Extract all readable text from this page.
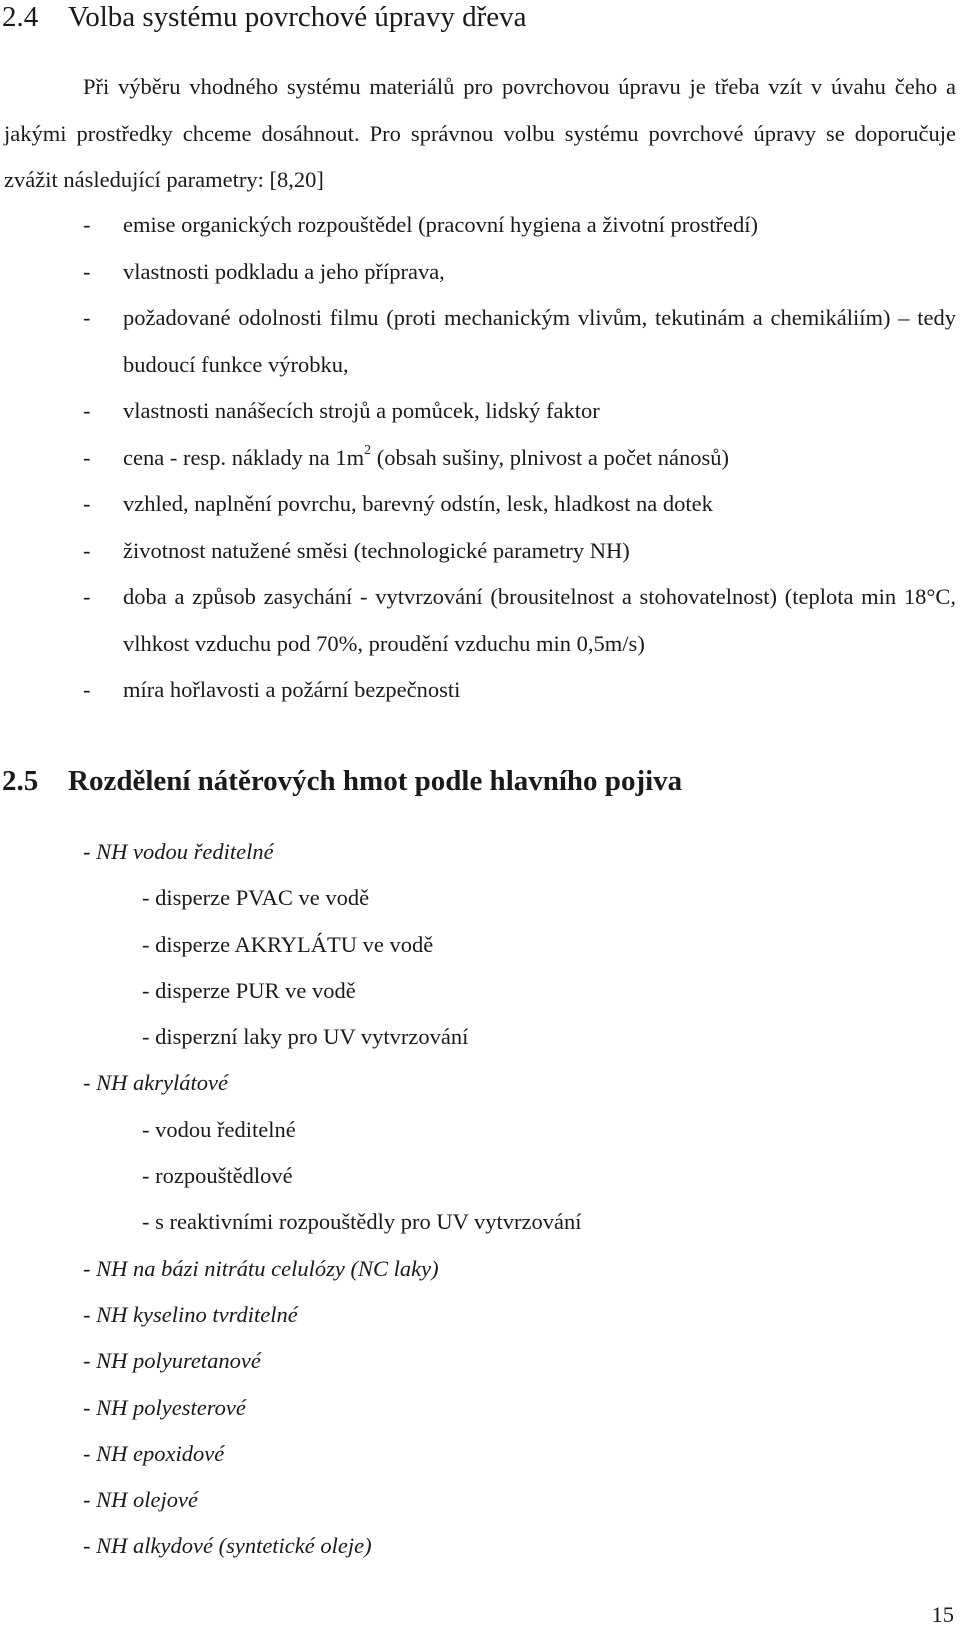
2.4 Volba systému povrchové úpravy dřeva

Při výběru vhodného systému materiálů pro povrchovou úpravu je třeba vzít v úvahu čeho a jakými prostředky chceme dosáhnout. Pro správnou volbu systému povrchové úpravy se doporučuje zvážit následující parametry: [8,20]

- emise organických rozpouštědel (pracovní hygiena a životní prostředí)
- vlastnosti podkladu a jeho příprava,
- požadované odolnosti filmu (proti mechanickým vlivům, tekutinám a chemikáliím) – tedy budoucí funkce výrobku,
- vlastnosti nanášecích strojů a pomůcek, lidský faktor
- cena - resp. náklady na $1m^2$ (obsah sušiny, plnivost a počet nánosů)
- vzhled, naplnění povrchu, barevný odstín, lesk, hladkost na dotek
- životnost natužené směsi (technologické parametry NH)
- doba a způsob zasychání - vytvrzování (brousitelnost a stohovatelnost) (teplota min 18°C, vlhkost vzduchu pod 70%, proudění vzduchu min 0,5m/s)
- míra hořlavosti a požární bezpečnosti
2.5 Rozdělení nátěrových hmot podle hlavního pojiva
- NH vodou ředitelné
- disperze PVAC ve vodě
- disperze AKRYLÁTU ve vodě
- disperze PUR ve vodě
- disperzní laky pro UV vytvrzování
- NH akrylátové
- vodou ředitelné
- rozpouštědlové
- s reaktivními rozpouštědly pro UV vytvrzování
- NH na bázi nitrátu celulózy (NC laky)
- NH kyselino tvrditelné
- NH polyuretanové
- NH polyesterové
- NH epoxidové
- NH olejové
- NH alkydové (syntetické oleje)
15
